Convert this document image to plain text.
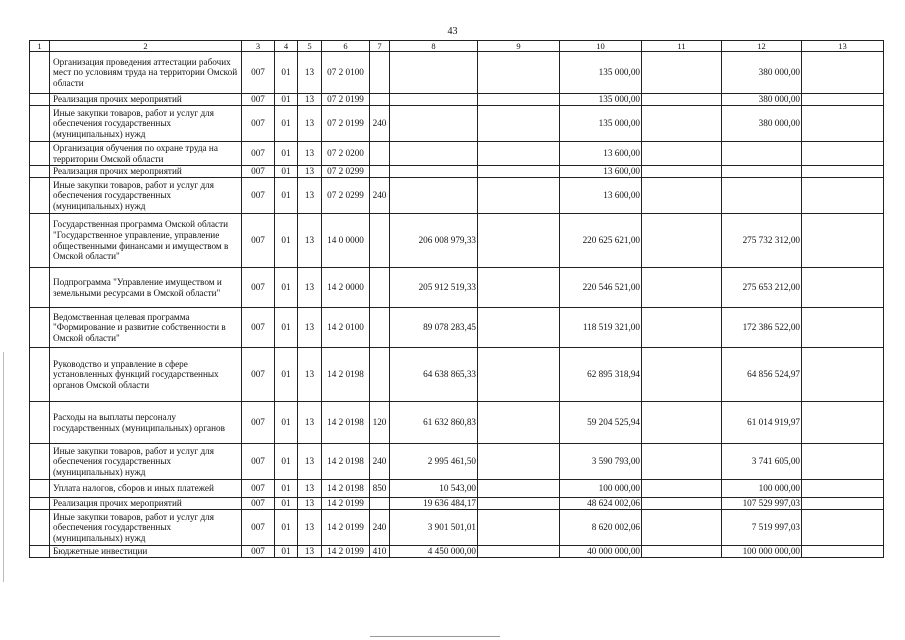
43
1	2	3	4	5	6	7	8	9	10	11	12	13
	Организация проведения аттестации рабочих мест по условиям труда на территории Омской области	007	01	13	07 2 0100				135 000,00		380 000,00	
	Реализация прочих мероприятий	007	01	13	07 2 0199				135 000,00		380 000,00	
	Иные закупки товаров, работ и услуг для обеспечения государственных (муниципальных) нужд	007	01	13	07 2 0199	240			135 000,00		380 000,00	
	Организация обучения по охране труда на территории Омской области	007	01	13	07 2 0200				13 600,00			
	Реализация прочих мероприятий	007	01	13	07 2 0299				13 600,00			
	Иные закупки товаров, работ и услуг для обеспечения государственных (муниципальных) нужд	007	01	13	07 2 0299	240			13 600,00			
	Государственная программа Омской области "Государственное управление, управление общественными финансами и имуществом в Омской области"	007	01	13	14 0 0000		206 008 979,33		220 625 621,00		275 732 312,00	
	Подпрограмма "Управление имуществом и земельными ресурсами в Омской области"	007	01	13	14 2 0000		205 912 519,33		220 546 521,00		275 653 212,00	
	Ведомственная целевая программа "Формирование и развитие собственности в Омской области"	007	01	13	14 2 0100		89 078 283,45		118 519 321,00		172 386 522,00	
	Руководство и управление в сфере установленных функций государственных органов Омской области	007	01	13	14 2 0198		64 638 865,33		62 895 318,94		64 856 524,97	
	Расходы на выплаты персоналу государственных (муниципальных) органов	007	01	13	14 2 0198	120	61 632 860,83		59 204 525,94		61 014 919,97	
	Иные закупки товаров, работ и услуг для обеспечения государственных (муниципальных) нужд	007	01	13	14 2 0198	240	2 995 461,50		3 590 793,00		3 741 605,00	
	Уплата налогов, сборов и иных платежей	007	01	13	14 2 0198	850	10 543,00		100 000,00		100 000,00	
	Реализация прочих мероприятий	007	01	13	14 2 0199		19 636 484,17		48 624 002,06		107 529 997,03	
	Иные закупки товаров, работ и услуг для обеспечения государственных (муниципальных) нужд	007	01	13	14 2 0199	240	3 901 501,01		8 620 002,06		7 519 997,03	
	Бюджетные инвестиции	007	01	13	14 2 0199	410	4 450 000,00		40 000 000,00		100 000 000,00	
